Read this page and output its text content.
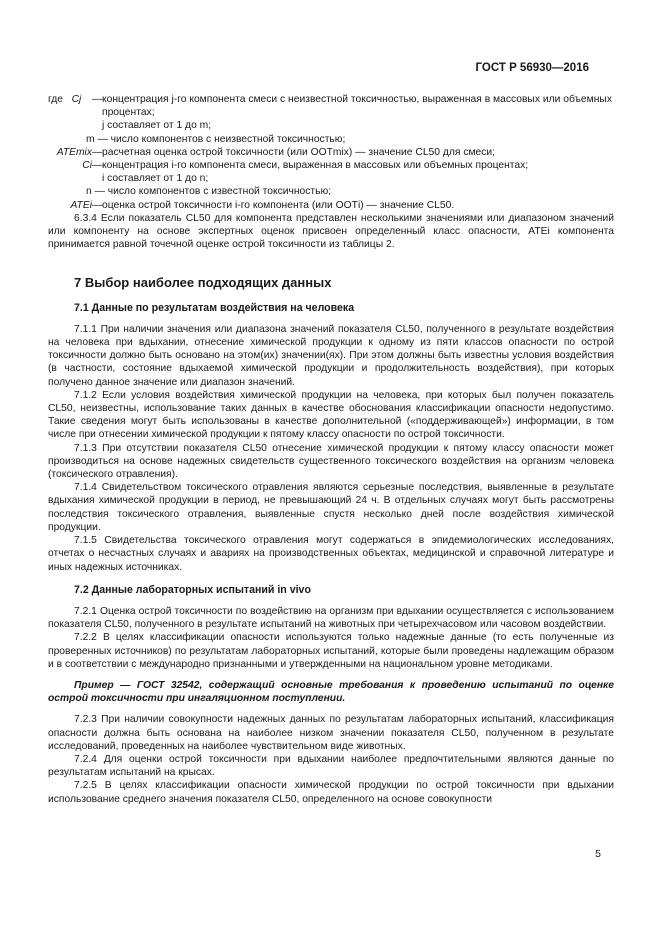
ГОСТ Р 56930—2016
где Cj	— концентрация j-го компонента смеси с неизвестной токсичностью, выраженная в массовых или объемных процентах;
j составляет от 1 до m;
m — число компонентов с неизвестной токсичностью;
ATEmix — расчетная оценка острой токсичности (или ООТmix) — значение CL50 для смеси;
Ci — концентрация i-го компонента смеси, выраженная в массовых или объемных процентах;
i составляет от 1 до n;
n — число компонентов с известной токсичностью;
ATEi — оценка острой токсичности i-го компонента (или ООТi) — значение CL50.

6.3.4 Если показатель CL50 для компонента представлен несколькими значениями или диапазоном значений или компоненту на основе экспертных оценок присвоен определенный класс опасности, ATEi компонента принимается равной точечной оценке острой токсичности из таблицы 2.

7 Выбор наиболее подходящих данных
7.1 Данные по результатам воздействия на человека

7.1.1 При наличии значения или диапазона значений показателя CL50, полученного в результате воздействия на человека при вдыхании, отнесение химической продукции к одному из пяти классов опасности по острой токсичности должно быть основано на этом(их) значении(ях). При этом должны быть известны условия воздействия (в частности, состояние вдыхаемой химической продукции и продолжительность воздействия), при которых получено данное значение или диапазон значений.

7.1.2 Если условия воздействия химической продукции на человека, при которых был получен показатель CL50, неизвестны, использование таких данных в качестве обоснования классификации опасности недопустимо. Такие сведения могут быть использованы в качестве дополнительной («поддерживающей») информации, в том числе при отнесении химической продукции к пятому классу опасности по острой токсичности.

7.1.3 При отсутствии показателя CL50 отнесение химической продукции к пятому классу опасности может производиться на основе надежных свидетельств существенного токсического воздействия на организм человека (токсического отравления).

7.1.4 Свидетельством токсического отравления являются серьезные последствия, выявленные в результате вдыхания химической продукции в период, не превышающий 24 ч. В отдельных случаях могут быть рассмотрены последствия токсического отравления, выявленные спустя несколько дней после воздействия химической продукции.

7.1.5 Свидетельства токсического отравления могут содержаться в эпидемиологических исследованиях, отчетах о несчастных случаях и авариях на производственных объектах, медицинской и справочной литературе и иных надежных источниках.

7.2 Данные лабораторных испытаний in vivo

7.2.1 Оценка острой токсичности по воздействию на организм при вдыхании осуществляется с использованием показателя CL50, полученного в результате испытаний на животных при четырехчасовом или часовом воздействии.

7.2.2 В целях классификации опасности используются только надежные данные (то есть полученные из проверенных источников) по результатам лабораторных испытаний, которые были проведены надлежащим образом и в соответствии с международно признанными и утвержденными на национальном уровне методиками.

Пример — ГОСТ 32542, содержащий основные требования к проведению испытаний по оценке острой токсичности при ингаляционном поступлении.

7.2.3 При наличии совокупности надежных данных по результатам лабораторных испытаний, классификация опасности должна быть основана на наиболее низком значении показателя CL50, полученном в результате исследований, проведенных на наиболее чувствительном виде животных.

7.2.4 Для оценки острой токсичности при вдыхании наиболее предпочтительными являются данные по результатам испытаний на крысах.

7.2.5 В целях классификации опасности химической продукции по острой токсичности при вдыхании использование среднего значения показателя CL50, определенного на основе совокупности

5
